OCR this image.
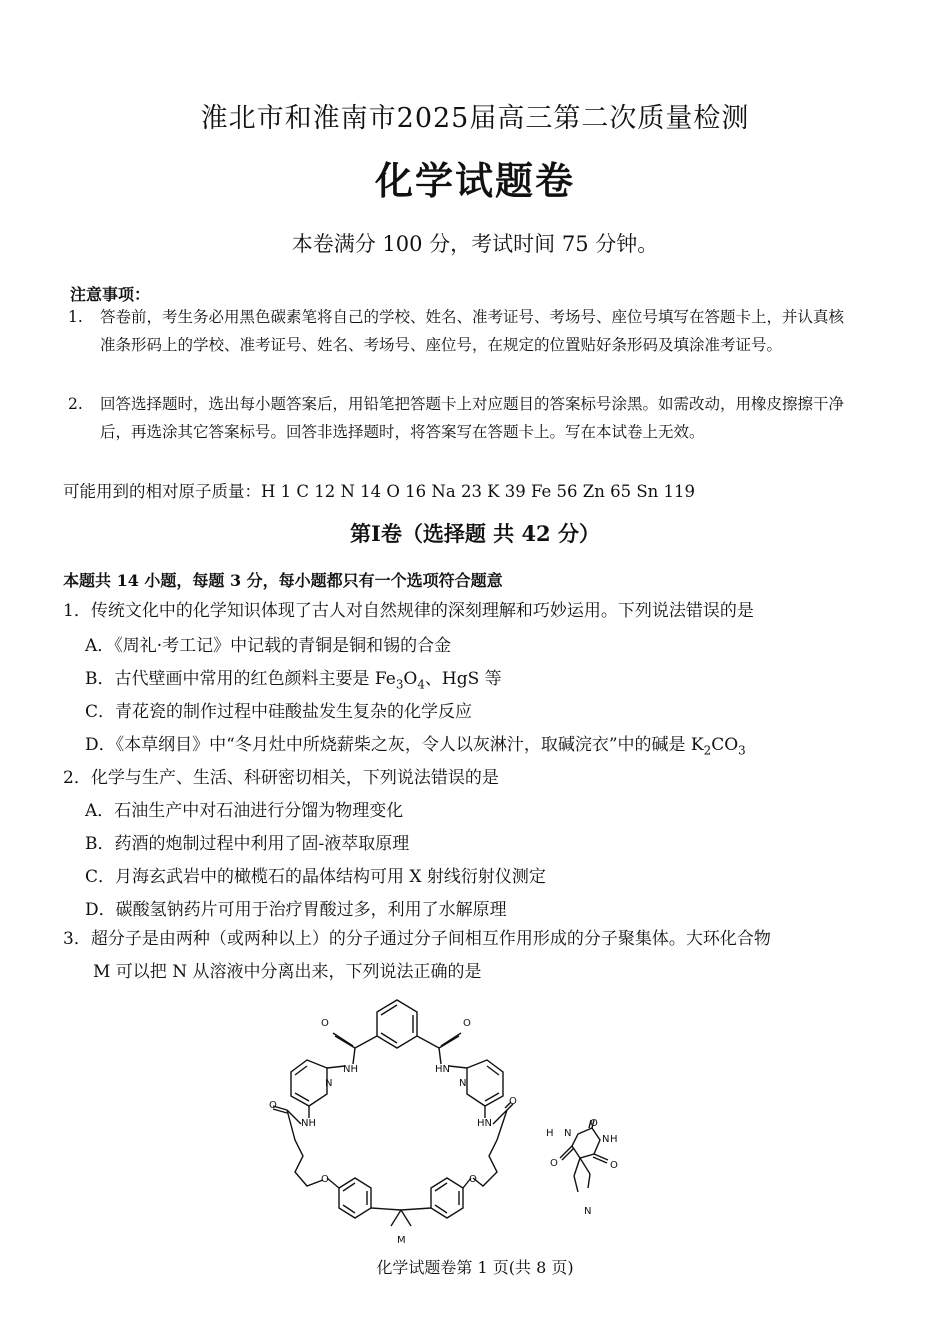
淮北市和淮南市2025届高三第二次质量检测
化学试题卷
本卷满分 100 分，考试时间 75 分钟。
注意事项：
1.	答卷前，考生务必用黑色碳素笔将自己的学校、姓名、准考证号、考场号、座位号填写在答题卡上，并认真核准条形码上的学校、准考证号、姓名、考场号、座位号，在规定的位置贴好条形码及填涂准考证号。
2.	回答选择题时，选出每小题答案后，用铅笔把答题卡上对应题目的答案标号涂黑。如需改动，用橡皮擦擦干净后，再选涂其它答案标号。回答非选择题时，将答案写在答题卡上。写在本试卷上无效。
可能用到的相对原子质量：H 1 C 12 N 14 O 16 Na 23 K 39 Fe 56 Zn 65 Sn 119
第Ⅰ卷（选择题 共 42 分）
本题共 14 小题，每题 3 分，每小题都只有一个选项符合题意
1．传统文化中的化学知识体现了古人对自然规律的深刻理解和巧妙运用。下列说法错误的是
A．《周礼·考工记》中记载的青铜是铜和锡的合金
B．古代壁画中常用的红色颜料主要是 $Fe_3O_4$、HgS 等
C．青花瓷的制作过程中硅酸盐发生复杂的化学反应
D．《本草纲目》中“冬月灶中所烧薪柴之灰，令人以灰淋汁，取碱浣衣”中的碱是 $K_2CO_3$
2．化学与生产、生活、科研密切相关，下列说法错误的是
A．石油生产中对石油进行分馏为物理变化
B．药酒的炮制过程中利用了固-液萃取原理
C．月海玄武岩中的橄榄石的晶体结构可用 X 射线衍射仪测定
D．碳酸氢钠药片可用于治疗胃酸过多，利用了水解原理
3．超分子是由两种（或两种以上）的分子通过分子间相互作用形成的分子聚集体。大环化合物
M 可以把 N 从溶液中分离出来，下列说法正确的是
O	O
NH	HN
N	N
NH	HN
O	O
O	O
M
O
N H
N
H
O
O
N
化学试题卷第 1 页(共 8 页)
